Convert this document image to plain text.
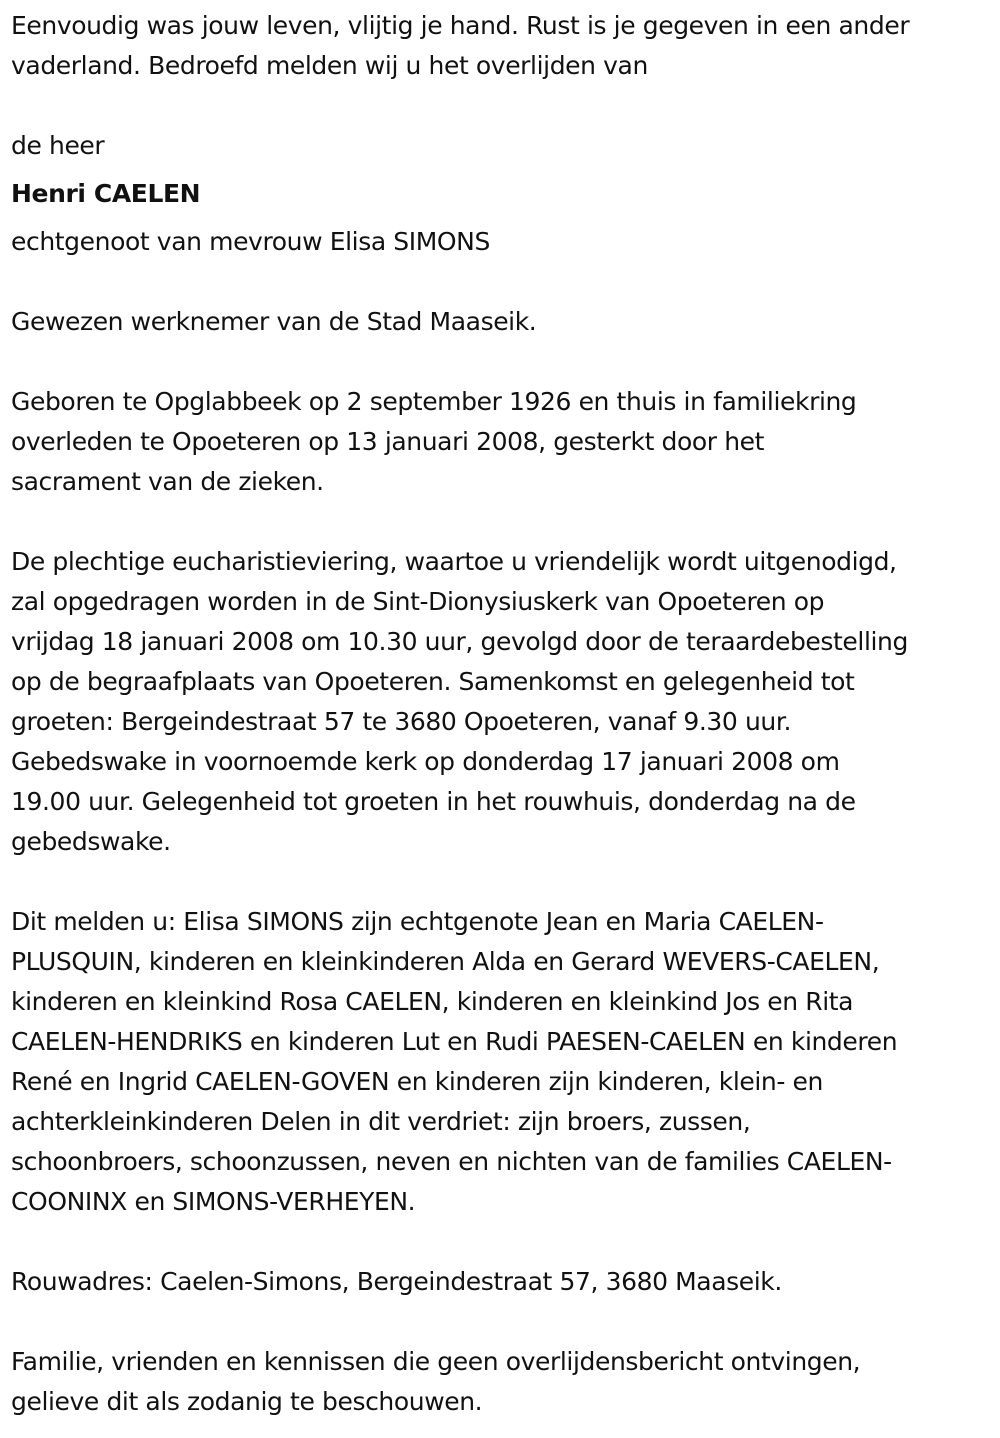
Eenvoudig was jouw leven, vlijtig je hand. Rust is je gegeven in een ander
vaderland. Bedroefd melden wij u het overlijden van

de heer

Henri CAELEN

echtgenoot van mevrouw Elisa SIMONS

Gewezen werknemer van de Stad Maaseik.

Geboren te Opglabbeek op 2 september 1926 en thuis in familiekring
overleden te Opoeteren op 13 januari 2008, gesterkt door het
sacrament van de zieken.

De plechtige eucharistieviering, waartoe u vriendelijk wordt uitgenodigd,
zal opgedragen worden in de Sint-Dionysiuskerk van Opoeteren op
vrijdag 18 januari 2008 om 10.30 uur, gevolgd door de teraardebestelling
op de begraafplaats van Opoeteren. Samenkomst en gelegenheid tot
groeten: Bergeindestraat 57 te 3680 Opoeteren, vanaf 9.30 uur.
Gebedswake in voornoemde kerk op donderdag 17 januari 2008 om
19.00 uur. Gelegenheid tot groeten in het rouwhuis, donderdag na de
gebedswake.

Dit melden u: Elisa SIMONS zijn echtgenote Jean en Maria CAELEN-
PLUSQUIN, kinderen en kleinkinderen Alda en Gerard WEVERS-CAELEN,
kinderen en kleinkind Rosa CAELEN, kinderen en kleinkind Jos en Rita
CAELEN-HENDRIKS en kinderen Lut en Rudi PAESEN-CAELEN en kinderen
René en Ingrid CAELEN-GOVEN en kinderen zijn kinderen, klein- en
achterkleinkinderen Delen in dit verdriet: zijn broers, zussen,
schoonbroers, schoonzussen, neven en nichten van de families CAELEN-
COONINX en SIMONS-VERHEYEN.

Rouwadres: Caelen-Simons, Bergeindestraat 57, 3680 Maaseik.

Familie, vrienden en kennissen die geen overlijdensbericht ontvingen,
gelieve dit als zodanig te beschouwen.
